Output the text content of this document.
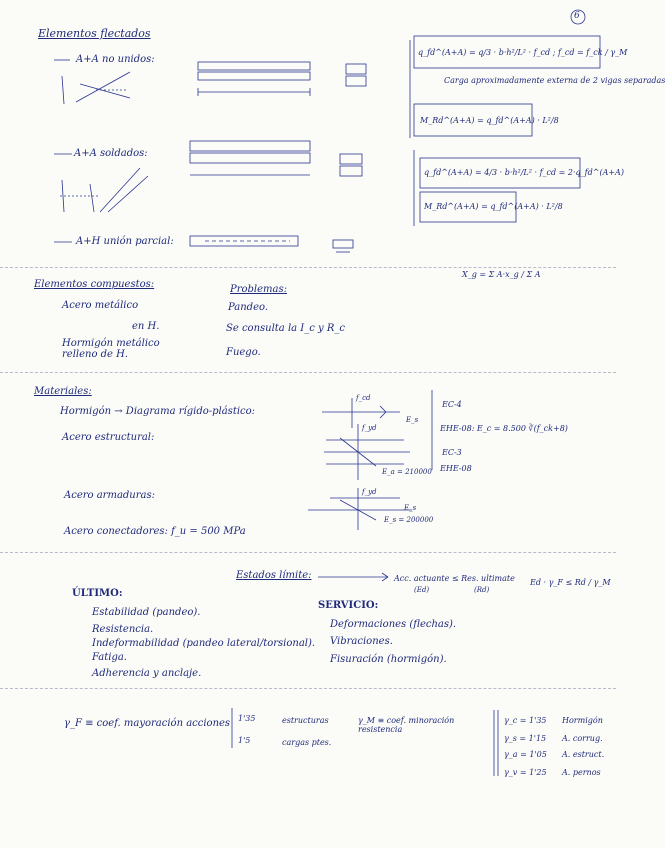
6
Elementos flectados
A+A no unidos:
A+A soldados:
A+H unión parcial:
q_fd^(A+A) = q/3 · b·h²/L² · f_cd ; f_cd = f_ck / γ_M
Carga aproximadamente externa de 2 vigas separadas
M_Rd^(A+A) = q_fd^(A+A) · L²/8
q_fd^(A+A) = 4/3 · b·h²/L² · f_cd = 2·q_fd^(A+A)
M_Rd^(A+A) = q_fd^(A+A) · L²/8
X_g = Σ A·x_g / Σ A
Elementos compuestos:
Acero metálico
en H.
Hormigón metálico relleno de H.
Problemas:
Pandeo.
Se consulta la I_c y R_c
Fuego.
Materiales:
Hormigón → Diagrama rígido-plástico:
Acero estructural:
Acero armaduras:
Acero conectadores: f_u = 500 MPa
EC-4
EHE-08: E_c = 8.500 ∛(f_ck+8)
EC-3
EHE-08
f_cd
E_s
E_a = 210000
f_yd
E_s = 200000
f_yd
E_s
Estados límite:	Acc. actuante ≤ Res. ultimate
(Ed)	(Rd)
Ed · γ_F ≤ Rd / γ_M
ÚLTIMO:
Estabilidad (pandeo).
Resistencia.
Indeformabilidad (pandeo lateral/torsional).
Fatiga.
Adherencia y anclaje.
SERVICIO:
Deformaciones (flechas).
Vibraciones.
Fisuración (hormigón).
γ_F ≡ coef. mayoración acciones 1'35	estructuras
1'5	cargas ptes.
γ_M ≡ coef. minoración resistencia
γ_c = 1'35 Hormigón
γ_s = 1'15 A. corrug.
γ_a = 1'05 A. estruct.
γ_v = 1'25 A. pernos
